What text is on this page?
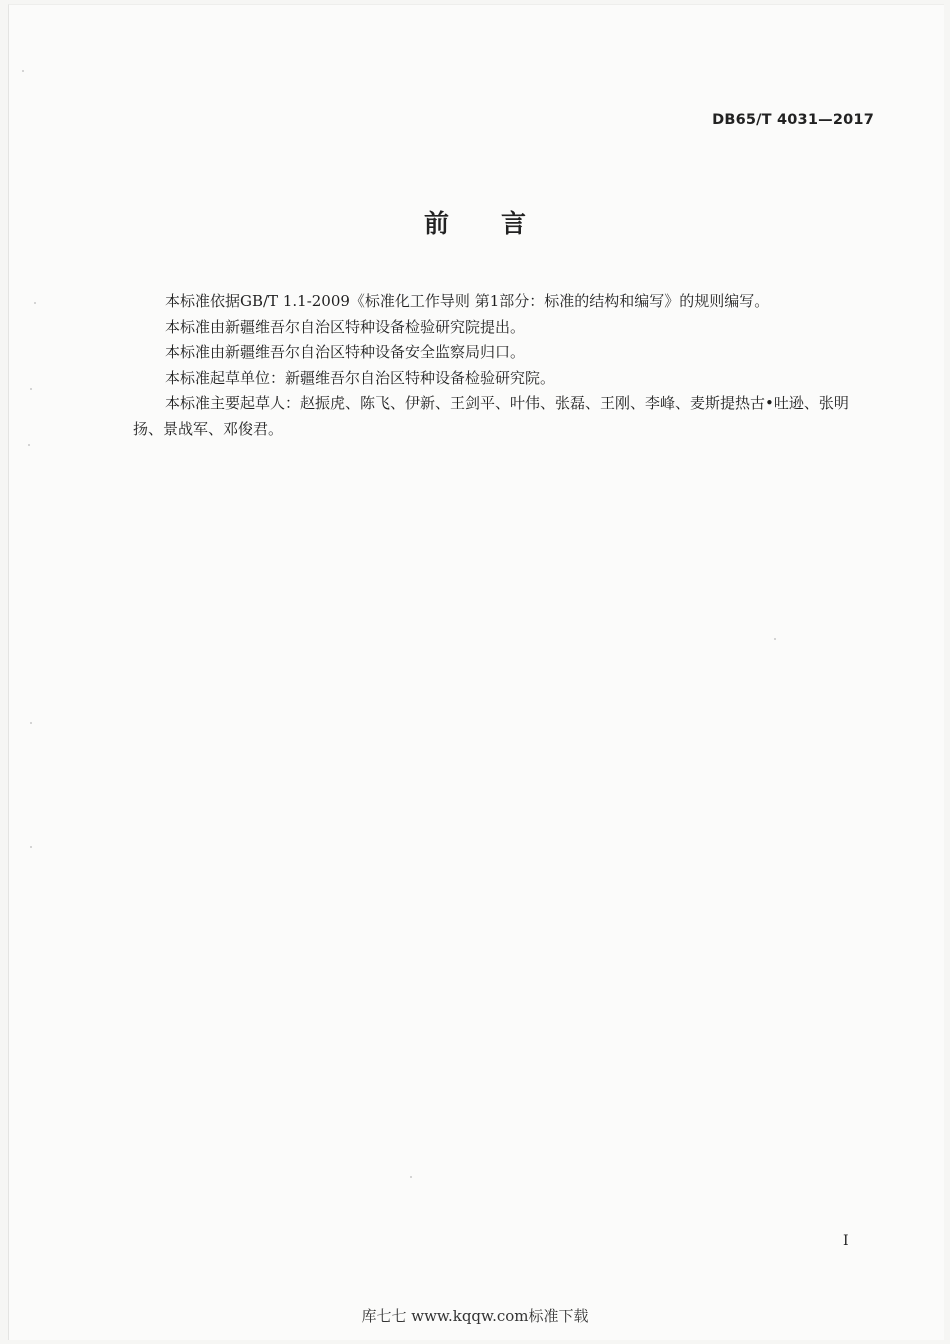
DB65/T 4031—2017
前 言

本标准依据GB/T 1.1-2009《标准化工作导则 第1部分：标准的结构和编写》的规则编写。

本标准由新疆维吾尔自治区特种设备检验研究院提出。

本标准由新疆维吾尔自治区特种设备安全监察局归口。

本标准起草单位：新疆维吾尔自治区特种设备检验研究院。

本标准主要起草人：赵振虎、陈飞、伊新、王剑平、叶伟、张磊、王刚、李峰、麦斯提热古•吐逊、张明扬、景战军、邓俊君。

I
库七七 www.kqqw.com标准下载
